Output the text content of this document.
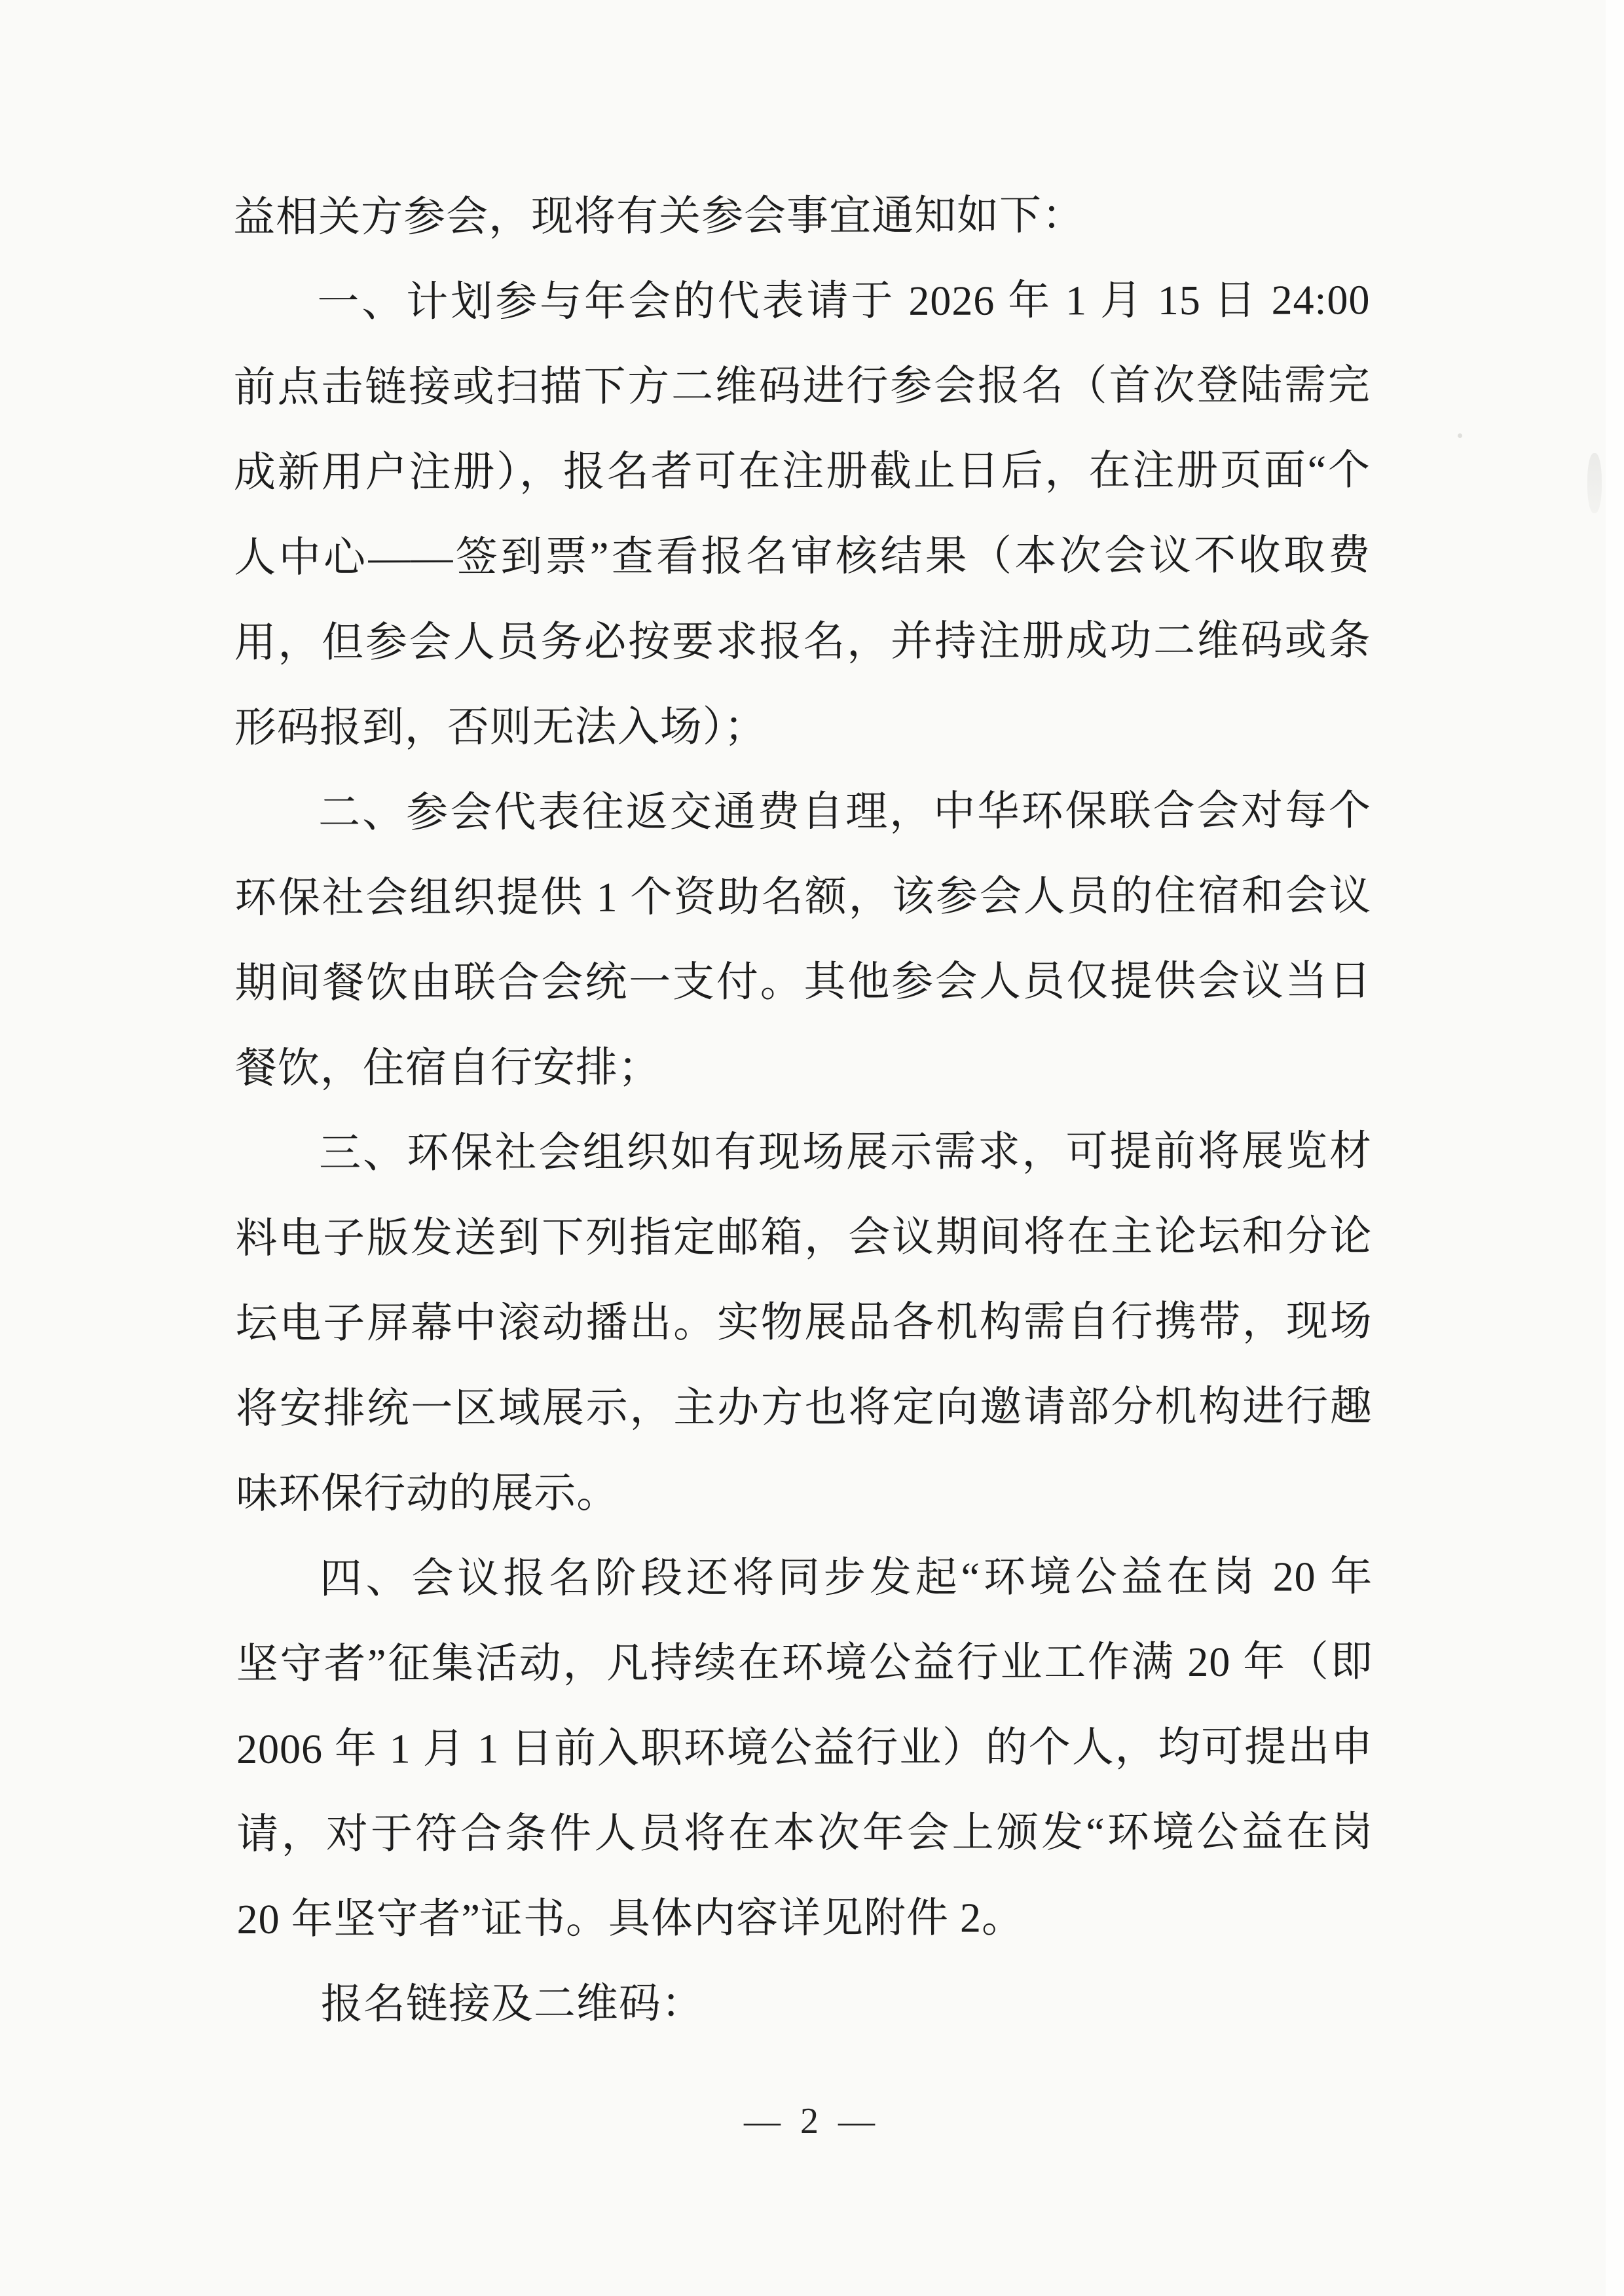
益相关方参会，现将有关参会事宜通知如下：
一、计划参与年会的代表请于 2026 年 1 月 15 日 24:00
前点击链接或扫描下方二维码进行参会报名（首次登陆需完
成新用户注册），报名者可在注册截止日后，在注册页面“个
人中心——签到票”查看报名审核结果（本次会议不收取费
用，但参会人员务必按要求报名，并持注册成功二维码或条
形码报到，否则无法入场）；
二、参会代表往返交通费自理，中华环保联合会对每个
环保社会组织提供 1 个资助名额，该参会人员的住宿和会议
期间餐饮由联合会统一支付。其他参会人员仅提供会议当日
餐饮，住宿自行安排；
三、环保社会组织如有现场展示需求，可提前将展览材
料电子版发送到下列指定邮箱，会议期间将在主论坛和分论
坛电子屏幕中滚动播出。实物展品各机构需自行携带，现场
将安排统一区域展示，主办方也将定向邀请部分机构进行趣
味环保行动的展示。
四、会议报名阶段还将同步发起“环境公益在岗 20 年
坚守者”征集活动，凡持续在环境公益行业工作满 20 年（即
2006 年 1 月 1 日前入职环境公益行业）的个人，均可提出申
请，对于符合条件人员将在本次年会上颁发“环境公益在岗
20 年坚守者”证书。具体内容详见附件 2。
报名链接及二维码：
— 2 —
